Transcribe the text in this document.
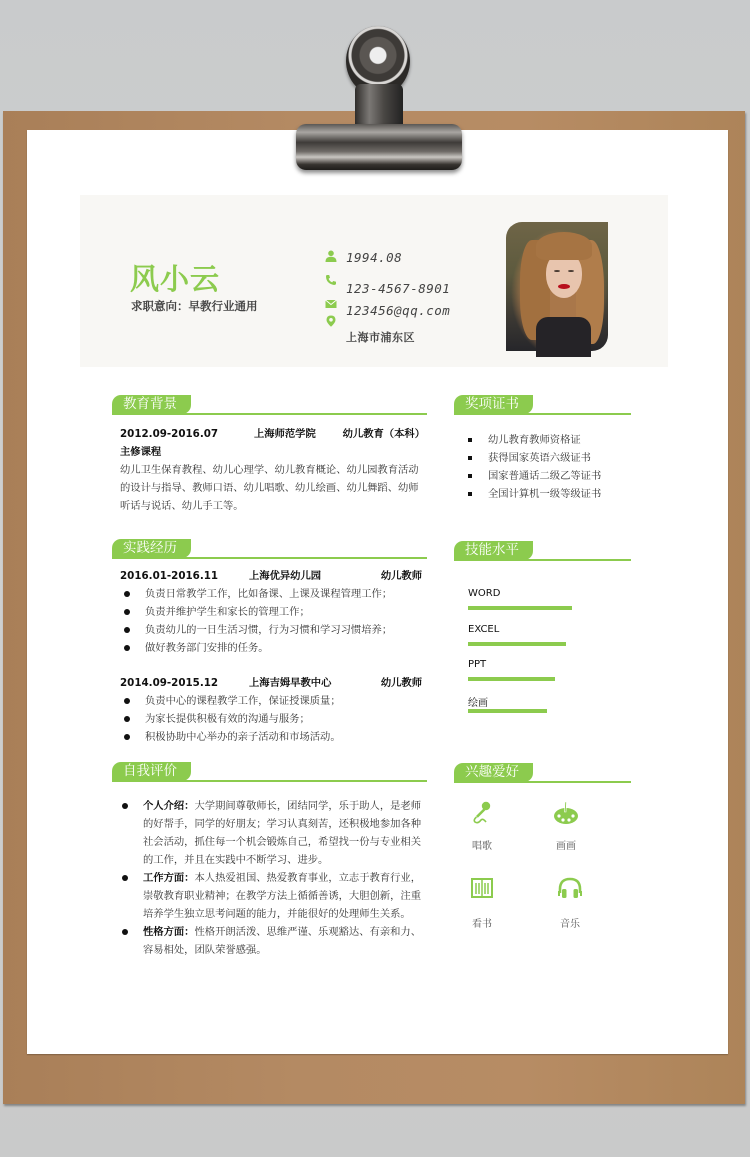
风小云
求职意向：早教行业通用
1994.08
123-4567-8901
123456@qq.com
上海市浦东区
教育背景
2012.09-2016.07	上海师范学院	幼儿教育（本科）
主修课程
幼儿卫生保育教程、幼儿心理学、幼儿教育概论、幼儿园教育活动的设计与指导、教师口语、幼儿唱歌、幼儿绘画、幼儿舞蹈、幼师听话与说话、幼儿手工等。
实践经历
2016.01-2016.11	上海优异幼儿园	幼儿教师
负责日常教学工作，比如备课、上课及课程管理工作；
负责并维护学生和家长的管理工作；
负责幼儿的一日生活习惯，行为习惯和学习习惯培养；
做好教务部门安排的任务。
2014.09-2015.12	上海吉姆早教中心	幼儿教师
负责中心的课程教学工作，保证授课质量；
为家长提供积极有效的沟通与服务；
积极协助中心举办的亲子活动和市场活动。
自我评价
个人介绍：大学期间尊敬师长，团结同学，乐于助人，是老师的好帮手，同学的好朋友；学习认真刻苦，还积极地参加各种社会活动，抓住每一个机会锻炼自己，希望找一份与专业相关的工作，并且在实践中不断学习、进步。
工作方面：本人热爱祖国、热爱教育事业，立志于教育行业，崇敬教育职业精神；在教学方法上循循善诱，大胆创新，注重培养学生独立思考问题的能力，并能很好的处理师生关系。
性格方面：性格开朗活泼、思维严谨、乐观豁达、有亲和力、容易相处，团队荣誉感强。
奖项证书
幼儿教育教师资格证
获得国家英语六级证书
国家普通话二级乙等证书
全国计算机一级等级证书
技能水平
WORD
EXCEL
PPT
绘画
兴趣爱好
唱歌	画画
看书	音乐
